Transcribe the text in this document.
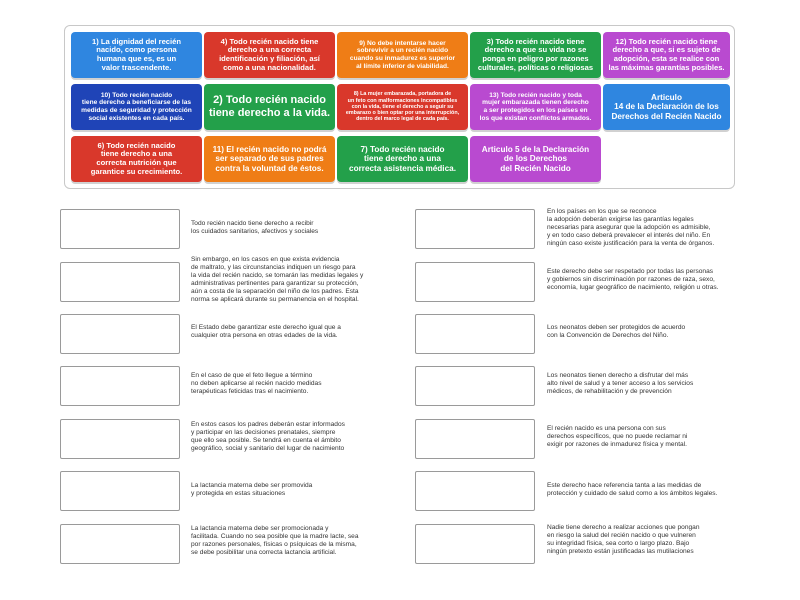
1) La dignidad del recién
nacido, como persona
humana que es, es un
valor trascendente.
4) Todo recién nacido tiene
derecho a una correcta
identificación y filiación, así
como a una nacionalidad.
9) No debe intentarse hacer
sobrevivir a un recién nacido
cuando su inmadurez es superior
al límite inferior de viabilidad.
3) Todo recién nacido tiene
derecho a que su vida no se
ponga en peligro por razones
culturales, políticas o religiosas
12) Todo recién nacido tiene
derecho a que, si es sujeto de
adopción, esta se realice con
las máximas garantías posibles.
10) Todo recién nacido
tiene derecho a beneficiarse de las
medidas de seguridad y protección
social existentes en cada país.
2) Todo recién nacido
tiene derecho a la vida.
8) La mujer embarazada, portadora de
un feto con malformaciones incompatibles
con la vida, tiene el derecho a seguir su
embarazo o bien optar por una interrupción,
dentro del marco legal de cada país.
13) Todo recién nacido y toda
mujer embarazada tienen derecho
a ser protegidos en los países en
los que existan conflictos armados.
Articulo
14 de la Declaración de los
Derechos del Recién Nacido
6) Todo recién nacido
tiene derecho a una
correcta nutrición que
garantice su crecimiento.
11) El recién nacido no podrá
ser separado de sus padres
contra la voluntad de éstos.
7) Todo recién nacido
tiene derecho a una
correcta asistencia médica.
Articulo 5 de la Declaración
de los Derechos
del Recién Nacido
Todo recién nacido tiene derecho a recibir
los cuidados sanitarios, afectivos y sociales
Sin embargo, en los casos en que exista evidencia
de maltrato, y las circunstancias indiquen un riesgo para
la vida del recién nacido, se tomarán las medidas legales y
administrativas pertinentes para garantizar su protección,
aún a costa de la separación del niño de los padres. Esta
norma se aplicará durante su permanencia en el hospital.
El Estado debe garantizar este derecho igual que a
cualquier otra persona en otras edades de la vida.
En el caso de que el feto llegue a término
no deben aplicarse al recién nacido medidas
terapéuticas feticidas tras el nacimiento.
En estos casos los padres deberán estar informados
y participar en las decisiones prenatales, siempre
que ello sea posible. Se tendrá en cuenta el ámbito
geográfico, social y sanitario del lugar de nacimiento
La lactancia materna debe ser promovida
y protegida en estas situaciones
La lactancia materna debe ser promocionada y
facilitada. Cuando no sea posible que la madre lacte, sea
por razones personales, físicas o psíquicas de la misma,
se debe posibilitar una correcta lactancia artificial.
En los países en los que se reconoce
la adopción deberán exigirse las garantías legales
necesarias para asegurar que la adopción es admisible,
y en todo caso deberá prevalecer el interés del niño. En
ningún caso existe justificación para la venta de órganos.
Este derecho debe ser respetado por todas las personas
y gobiernos sin discriminación por razones de raza, sexo,
economía, lugar geográfico de nacimiento, religión u otras.
Los neonatos deben ser protegidos de acuerdo
con la Convención de Derechos del Niño.
Los neonatos tienen derecho a disfrutar del más
alto nivel de salud y a tener acceso a los servicios
médicos, de rehabilitación y de prevención
El recién nacido es una persona con sus
derechos específicos, que no puede reclamar ni
exigir por razones de inmadurez física y mental.
Este derecho hace referencia tanta a las medidas de
protección y cuidado de salud como a los ámbitos legales.
Nadie tiene derecho a realizar acciones que pongan
en riesgo la salud del recién nacido o que vulneren
su integridad física, sea corto o largo plazo. Bajo
ningún pretexto están justificadas las mutilaciones
